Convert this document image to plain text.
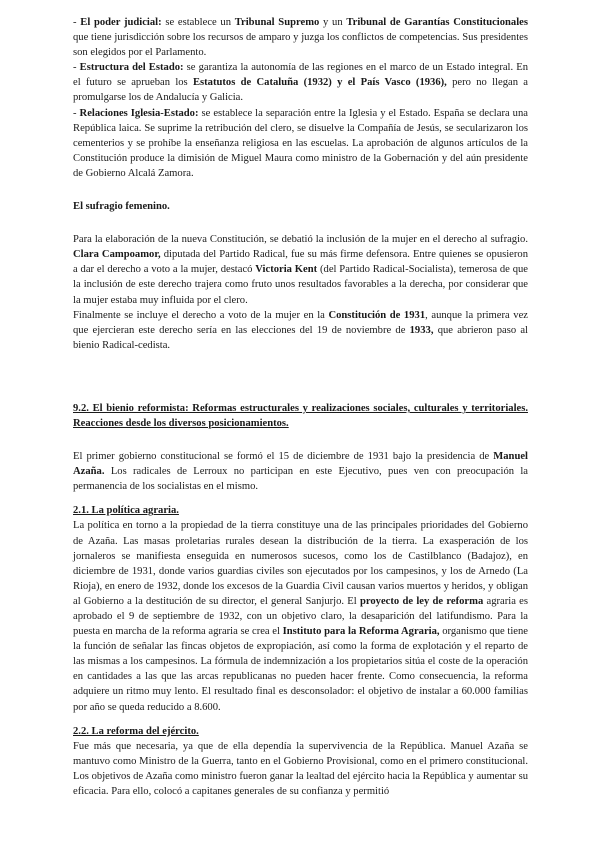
- El poder judicial: se establece un Tribunal Supremo y un Tribunal de Garantías Constitucionales que tiene jurisdicción sobre los recursos de amparo y juzga los conflictos de competencias. Sus presidentes son elegidos por el Parlamento.

- Estructura del Estado: se garantiza la autonomía de las regiones en el marco de un Estado integral. En el futuro se aprueban los Estatutos de Cataluña (1932) y el País Vasco (1936), pero no llegan a promulgarse los de Andalucía y Galicia.

- Relaciones Iglesia-Estado: se establece la separación entre la Iglesia y el Estado. España se declara una República laica. Se suprime la retribución del clero, se disuelve la Compañía de Jesús, se secularizaron los cementerios y se prohíbe la enseñanza religiosa en las escuelas. La aprobación de algunos artículos de la Constitución produce la dimisión de Miguel Maura como ministro de la Gobernación y del aún presidente de Gobierno Alcalá Zamora.

El sufragio femenino.

Para la elaboración de la nueva Constitución, se debatió la inclusión de la mujer en el derecho al sufragio. Clara Campoamor, diputada del Partido Radical, fue su más firme defensora. Entre quienes se opusieron a dar el derecho a voto a la mujer, destacó Victoria Kent (del Partido Radical-Socialista), temerosa de que la inclusión de este derecho trajera como fruto unos resultados favorables a la derecha, por considerar que la mujer estaba muy influida por el clero.

Finalmente se incluye el derecho a voto de la mujer en la Constitución de 1931, aunque la primera vez que ejercieran este derecho sería en las elecciones del 19 de noviembre de 1933, que abrieron paso al bienio Radical-cedista.

9.2. El bienio reformista: Reformas estructurales y realizaciones sociales, culturales y territoriales. Reacciones desde los diversos posicionamientos.

El primer gobierno constitucional se formó el 15 de diciembre de 1931 bajo la presidencia de Manuel Azaña. Los radicales de Lerroux no participan en este Ejecutivo, pues ven con preocupación la permanencia de los socialistas en el mismo.

2.1. La política agraria.

La política en torno a la propiedad de la tierra constituye una de las principales prioridades del Gobierno de Azaña. Las masas proletarias rurales desean la distribución de la tierra. La exasperación de los jornaleros se manifiesta enseguida en numerosos sucesos, como los de Castilblanco (Badajoz), en diciembre de 1931, donde varios guardias civiles son ejecutados por los campesinos, y los de Arnedo (La Rioja), en enero de 1932, donde los excesos de la Guardia Civil causan varios muertos y heridos, y obligan al Gobierno a la destitución de su director, el general Sanjurjo. El proyecto de ley de reforma agraria es aprobado el 9 de septiembre de 1932, con un objetivo claro, la desaparición del latifundismo. Para la puesta en marcha de la reforma agraria se crea el Instituto para la Reforma Agraria, organismo que tiene la función de señalar las fincas objetos de expropiación, así como la forma de explotación y el reparto de las mismas a los campesinos. La fórmula de indemnización a los propietarios sitúa el coste de la operación en cantidades a las que las arcas republicanas no pueden hacer frente. Como consecuencia, la reforma adquiere un ritmo muy lento. El resultado final es desconsolador: el objetivo de instalar a 60.000 familias por año se queda reducido a 8.600.

2.2. La reforma del ejército.

Fue más que necesaria, ya que de ella dependía la supervivencia de la República. Manuel Azaña se mantuvo como Ministro de la Guerra, tanto en el Gobierno Provisional, como en el primero constitucional. Los objetivos de Azaña como ministro fueron ganar la lealtad del ejército hacia la República y aumentar su eficacia. Para ello, colocó a capitanes generales de su confianza y permitió
